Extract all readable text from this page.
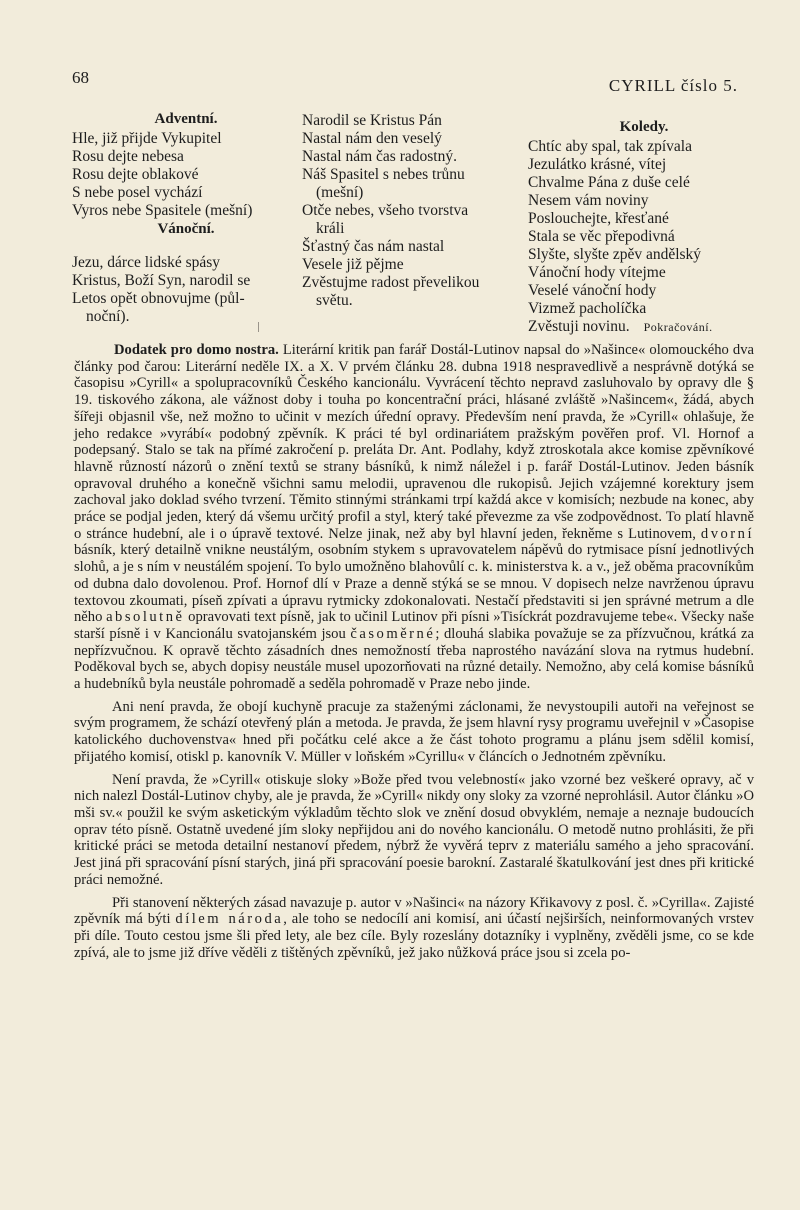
68	CYRILL číslo 5.
Adventní.
Hle, již přijde Vykupitel
Rosu dejte nebesa
Rosu dejte oblakové
S nebe posel vychází
Vyros nebe Spasitele (mešní)
Vánoční.
Jezu, dárce lidské spásy
Kristus, Boží Syn, narodil se
Letos opět obnovujme (půl-
noční).
Narodil se Kristus Pán
Nastal nám den veselý
Nastal nám čas radostný.
Náš Spasitel s nebes trůnu
(mešní)
Otče nebes, všeho tvorstva
králi
Šťastný čas nám nastal
Vesele již pějme
Zvěstujme radost převelikou
světu.
Koledy.
Chtíc aby spal, tak zpívala
Jezulátko krásné, vítej
Chvalme Pána z duše celé
Nesem vám noviny
Poslouchejte, křesťané
Stala se věc přepodivná
Slyšte, slyšte zpěv andělský
Vánoční hody vítejme
Veselé vánoční hody
Vizmež pacholíčka
Zvěstuji novinu. Pokračování.

Dodatek pro domo nostra. Literární kritik pan farář Dostál-Lutinov napsal do »Našince« olomouckého dva články pod čarou: Literární neděle IX. a X. V prvém článku 28. dubna 1918 nespravedlivě a nesprávně dotýká se časopisu »Cyrill« a spolupracovníků Českého kancionálu. Vyvrácení těchto nepravd zasluhovalo by opravy dle § 19. tiskového zákona, ale vážnost doby i touha po koncentrační práci, hlásané zvláště »Našincem«, žádá, abych šířeji objasnil vše, než možno to učinit v mezích úřední opravy. Především není pravda, že »Cyrill« ohlašuje, že jeho redakce »vyrábí« podobný zpěvník. K práci té byl ordinariátem pražským pověřen prof. Vl. Hornof a podepsaný. Stalo se tak na přímé zakročení p. preláta Dr. Ant. Podlahy, když ztroskotala akce komise zpěvníkové hlavně růzností názorů o znění textů se strany básníků, k nimž náležel i p. farář Dostál-Lutinov. Jeden básník opravoval druhého a konečně všichni samu melodii, upravenou dle rukopisů. Jejich vzájemné korektury jsem zachoval jako doklad svého tvrzení. Těmito stinnými stránkami trpí každá akce v komisích; nezbude na konec, aby práce se podjal jeden, který dá všemu určitý profil a styl, který také převezme za vše zodpovědnost. To platí hlavně o stránce hudební, ale i o úpravě textové. Nelze jinak, než aby byl hlavní jeden, řekněme s Lutinovem, dvorní básník, který detailně vnikne neustálým, osobním stykem s upravovatelem nápěvů do rytmisace písní jednotlivých slohů, a je s ním v neustálém spojení. To bylo umožněno blahovůlí c. k. ministerstva k. a v., jež oběma pracovníkům od dubna dalo dovolenou. Prof. Hornof dlí v Praze a denně stýká se se mnou. V dopisech nelze navrženou úpravu textovou zkoumati, píseň zpívati a úpravu rytmicky zdokonalovati. Nestačí představiti si jen správné metrum a dle něho absolutně opravovati text písně, jak to učinil Lutinov při písni »Tisíckrát pozdravujeme tebe«. Všecky naše starší písně i v Kancionálu svatojanském jsou časoměrné; dlouhá slabika považuje se za přízvučnou, krátká za nepřízvučnou. K opravě těchto zásadních dnes nemožností třeba naprostého navázání slova na rytmus hudební. Poděkoval bych se, abych dopisy neustále musel upozorňovati na různé detaily. Nemožno, aby celá komise básníků a hudebníků byla neustále pohromadě a seděla pohromadě v Praze nebo jinde.

Ani není pravda, že obojí kuchyně pracuje za staženými záclonami, že nevystoupili autoři na veřejnost se svým programem, že schází otevřený plán a metoda. Je pravda, že jsem hlavní rysy programu uveřejnil v »Časopise katolického duchovenstva« hned při počátku celé akce a že část tohoto programu a plánu jsem sdělil komisí, přijatého komisí, otiskl p. kanovník V. Müller v loňském »Cyrillu« v článcích o Jednotném zpěvníku.

Není pravda, že »Cyrill« otiskuje sloky »Bože před tvou velebností« jako vzorné bez veškeré opravy, ač v nich nalezl Dostál-Lutinov chyby, ale je pravda, že »Cyrill« nikdy ony sloky za vzorné neprohlásil. Autor článku »O mši sv.« použil ke svým asketickým výkladům těchto slok ve znění dosud obvyklém, nemaje a neznaje budoucích oprav této písně. Ostatně uvedené jím sloky nepřijdou ani do nového kancionálu. O metodě nutno prohlásiti, že při kritické práci se metoda detailní nestanoví předem, nýbrž že vyvěrá teprv z materiálu samého a jeho spracování. Jest jiná při spracování písní starých, jiná při spracování poesie barokní. Zastaralé škatulkování jest dnes při kritické práci nemožné.

Při stanovení některých zásad navazuje p. autor v »Našinci« na názory Křikavovy z posl. č. »Cyrilla«. Zajisté zpěvník má býti dílem národa, ale toho se nedocílí ani komisí, ani účastí nejširších, neinformovaných vrstev při díle. Touto cestou jsme šli před lety, ale bez cíle. Byly rozeslány dotazníky i vyplněny, zvěděli jsme, co se kde zpívá, ale to jsme již dříve věděli z tištěných zpěvníků, jež jako nůžková práce jsou si zcela po-
